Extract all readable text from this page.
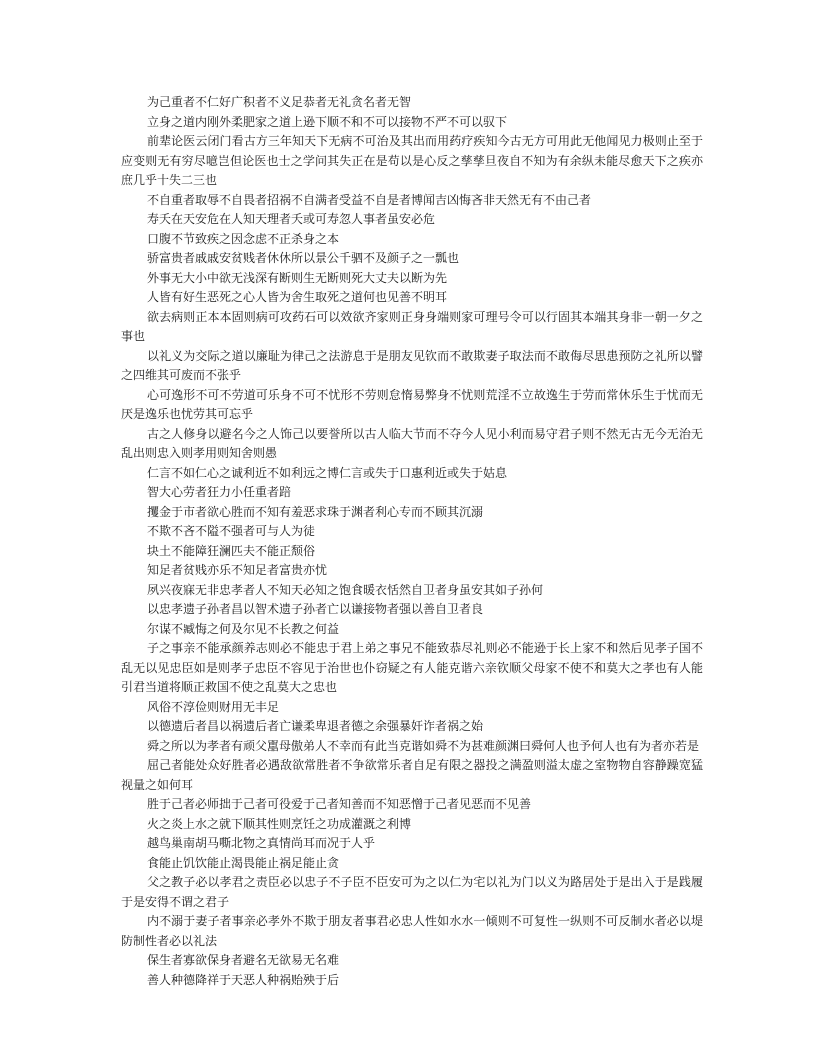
为己重者不仁好广积者不义足恭者无礼贪名者无智

立身之道内刚外柔肥家之道上逊下顺不和不可以接物不严不可以驭下

前辈论医云闭门看古方三年知天下无病不可治及其出而用药疗疾知今古无方可用此无他闻见力极则止至于应变则无有穷尽噫岂但论医也士之学问其失正在是苟以是心反之孳孳旦夜自不知为有余纵未能尽愈天下之疾亦庶几乎十失二三也

不自重者取辱不自畏者招祸不自满者受益不自是者博闻吉凶悔吝非天然无有不由己者

寿夭在天安危在人知天理者夭或可寿忽人事者虽安必危

口腹不节致疾之因念虑不正杀身之本

骄富贵者戚戚安贫贱者休休所以景公千驷不及颜子之一瓢也

外事无大小中欲无浅深有断则生无断则死大丈夫以断为先

人皆有好生恶死之心人皆为舍生取死之道何也见善不明耳

欲去病则正本本固则病可攻药石可以效欲齐家则正身身端则家可理号令可以行固其本端其身非一朝一夕之事也

以礼义为交际之道以廉耻为律己之法游息于是朋友见钦而不敢欺妻子取法而不敢侮尽思患预防之礼所以譬之四维其可废而不张乎

心可逸形不可不劳道可乐身不可不忧形不劳则怠惰易弊身不忧则荒淫不立故逸生于劳而常休乐生于忧而无厌是逸乐也忧劳其可忘乎

古之人修身以避名今之人饰己以要誉所以古人临大节而不夺今人见小利而易守君子则不然无古无今无治无乱出则忠入则孝用则知舍则愚

仁言不如仁心之诚利近不如利远之博仁言或失于口惠利近或失于姑息

智大心劳者狂力小任重者踣

攫金于市者欲心胜而不知有羞恶求珠于渊者利心专而不顾其沉溺

不欺不吝不隘不强者可与人为徒

块土不能障狂澜匹夫不能正颓俗

知足者贫贱亦乐不知足者富贵亦忧

夙兴夜寐无非忠孝者人不知天必知之饱食暖衣恬然自卫者身虽安其如子孙何

以忠孝遗子孙者昌以智术遗子孙者亡以谦接物者强以善自卫者良

尔谋不臧悔之何及尔见不长教之何益

子之事亲不能承颜养志则必不能忠于君上弟之事兄不能致恭尽礼则必不能逊于长上家不和然后见孝子国不乱无以见忠臣如是则孝子忠臣不容见于治世也仆窃疑之有人能克谐六亲钦顺父母家不使不和莫大之孝也有人能引君当道将顺正救国不使之乱莫大之忠也

风俗不淳俭则财用无丰足

以德遗后者昌以祸遗后者亡谦柔卑退者德之余强暴奸诈者祸之始

舜之所以为孝者有顽父嚚母傲弟人不幸而有此当克谐如舜不为甚难颜渊曰舜何人也予何人也有为者亦若是

屈己者能处众好胜者必遇敌欲常胜者不争欲常乐者自足有限之器投之满盈则溢太虚之室物物自容静躁宽猛视量之如何耳

胜于己者必师拙于己者可役爱于己者知善而不知恶憎于己者见恶而不见善

火之炎上水之就下顺其性则烹饪之功成灌溉之利博

越鸟巢南胡马嘶北物之真情尚耳而况于人乎

食能止饥饮能止渴畏能止祸足能止贪

父之教子必以孝君之责臣必以忠子不子臣不臣安可为之以仁为宅以礼为门以义为路居处于是出入于是践履于是安得不谓之君子

内不溺于妻子者事亲必孝外不欺于朋友者事君必忠人性如水水一倾则不可复性一纵则不可反制水者必以堤防制性者必以礼法

保生者寡欲保身者避名无欲易无名难

善人种德降祥于天恶人种祸贻殃于后
